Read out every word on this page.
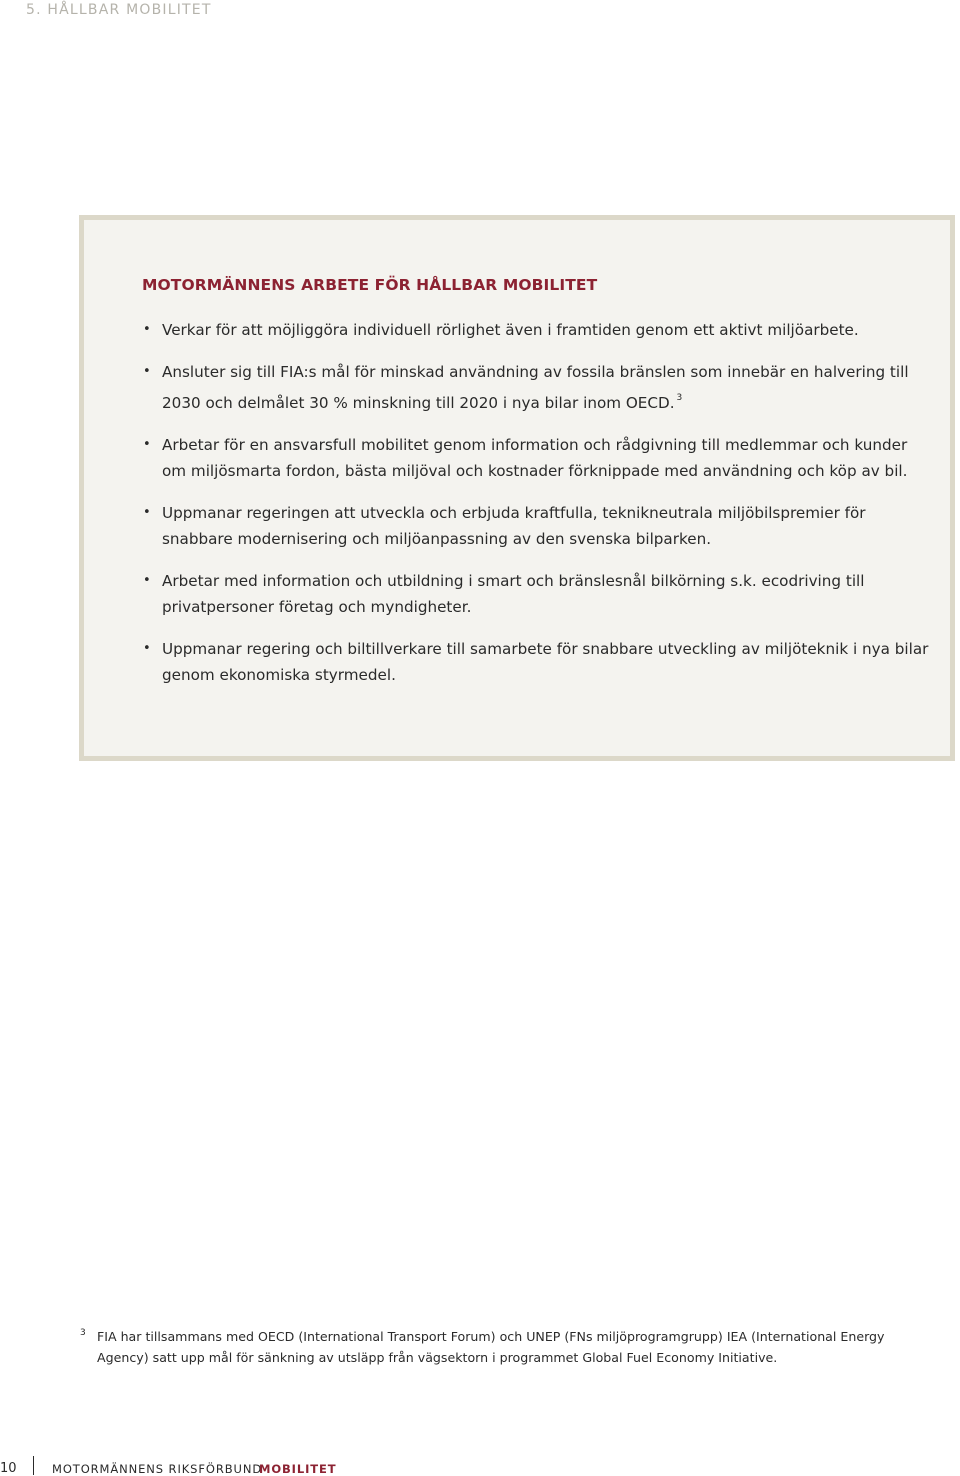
5. HÅLLBAR MOBILITET
MOTORMÄNNENS ARBETE FÖR HÅLLBAR MOBILITET
• Verkar för att möjliggöra individuell rörlighet även i framtiden genom ett aktivt miljöarbete.
• Ansluter sig till FIA:s mål för minskad användning av fossila bränslen som innebär en halvering till 2030 och delmålet 30 % minskning till 2020 i nya bilar inom OECD. $^3$
• Arbetar för en ansvarsfull mobilitet genom information och rådgivning till medlemmar och kunder om miljösmarta fordon, bästa miljöval och kostnader förknippade med användning och köp av bil.
• Uppmanar regeringen att utveckla och erbjuda kraftfulla, teknikneutrala miljöbilspremier för snabbare modernisering och miljöanpassning av den svenska bilparken.
• Arbetar med information och utbildning i smart och bränslesnål bilkörning s.k. ecodriving till privatpersoner företag och myndigheter.
• Uppmanar regering och biltillverkare till samarbete för snabbare utveckling av miljöteknik i nya bilar genom ekonomiska styrmedel.
3 FIA har tillsammans med OECD (International Transport Forum) och UNEP (FNs miljöprogramgrupp) IEA (International Energy Agency) satt upp mål för sänkning av utsläpp från vägsektorn i programmet Global Fuel Economy Initiative.
10	MOTORMÄNNENS RIKSFÖRBUND
MOBILITET
